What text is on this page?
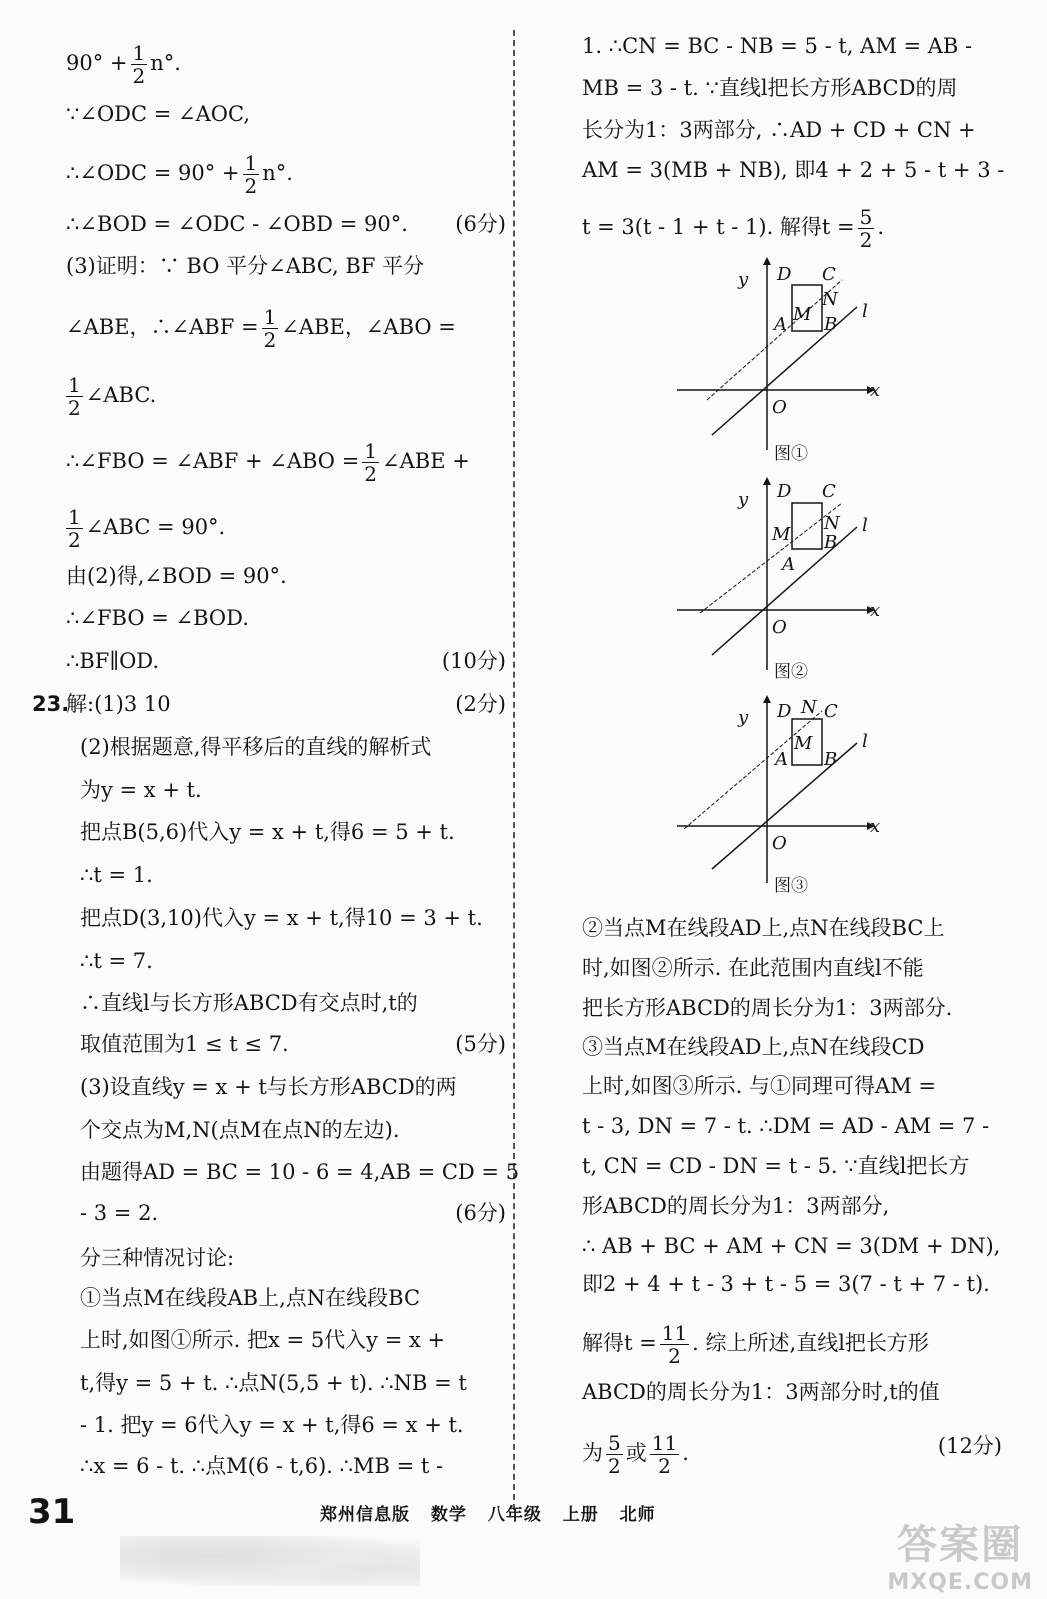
$90^\circ + \frac{1}{2} n^\circ$.
∵∠ODC = ∠AOC,
∴∠ODC = $90^\circ + \frac{1}{2} n^\circ$.
∴∠BOD = ∠ODC - ∠OBD = 90°. (6分)
(3)证明：∵ BO 平分∠ABC, BF 平分
∠ABE，∴∠ABF = $\frac{1}{2}$ ∠ABE，∠ABO =
$\frac{1}{2}$ ∠ABC.
∴∠FBO = ∠ABF + ∠ABO = $\frac{1}{2}$ ∠ABE +
$\frac{1}{2}$ ∠ABC = 90°.
由(2)得,∠BOD = 90°.
∴∠FBO = ∠BOD.
∴BF∥OD.	(10分)
23.
解:(1)3 10	(2分)
(2)根据题意,得平移后的直线的解析式
为y = x + t.
把点B(5,6)代入y = x + t,得6 = 5 + t.
∴t = 1.
把点D(3,10)代入y = x + t,得10 = 3 + t.
∴t = 7.
∴直线l与长方形ABCD有交点时,t的
取值范围为1 ≤ t ≤ 7.	(5分)
(3)设直线y = x + t与长方形ABCD的两
个交点为M,N(点M在点N的左边).
由题得AD = BC = 10 - 6 = 4,AB = CD = 5
- 3 = 2.	(6分)
分三种情况讨论:
①当点M在线段AB上,点N在线段BC
上时,如图①所示. 把x = 5代入y = x +
t,得y = 5 + t. ∴点N(5,5 + t). ∴NB = t
- 1. 把y = 6代入y = x + t,得6 = x + t.
∴x = 6 - t. ∴点M(6 - t,6). ∴MB = t -
1. ∴CN = BC - NB = 5 - t, AM = AB -
MB = 3 - t. ∵直线l把长方形ABCD的周
长分为1：3两部分, ∴AD + CD + CN +
AM = 3(MB + NB), 即4 + 2 + 5 - t + 3 -
t = 3(t - 1 + t - 1). 解得$t = \frac{5}{2}$ .
y
x
O
l
D C
A B
N
M
图①
y
x
O
l
D C
A
B
N
M
图②
y
x
O
l
D C
A B
N
M
图③
②当点M在线段AD上,点N在线段BC上
时,如图②所示. 在此范围内直线l不能
把长方形ABCD的周长分为1：3两部分.
③当点M在线段AD上,点N在线段CD
上时,如图③所示. 与①同理可得AM =
t - 3, DN = 7 - t. ∴DM = AD - AM = 7 -
t, CN = CD - DN = t - 5. ∵直线l把长方
形ABCD的周长分为1：3两部分,
∴ AB + BC + AM + CN = 3(DM + DN),
即2 + 4 + t - 3 + t - 5 = 3(7 - t + 7 - t).
解得$t = \frac{11}{2}$ . 综上所述,直线l把长方形
ABCD的周长分为1：3两部分时,t的值
为 $\frac{5}{2}$ 或 $\frac{11}{2}$ .	(12分)
31	郑州信息版 数学 八年级 上册 北师
答案圈
MXQE.COM
